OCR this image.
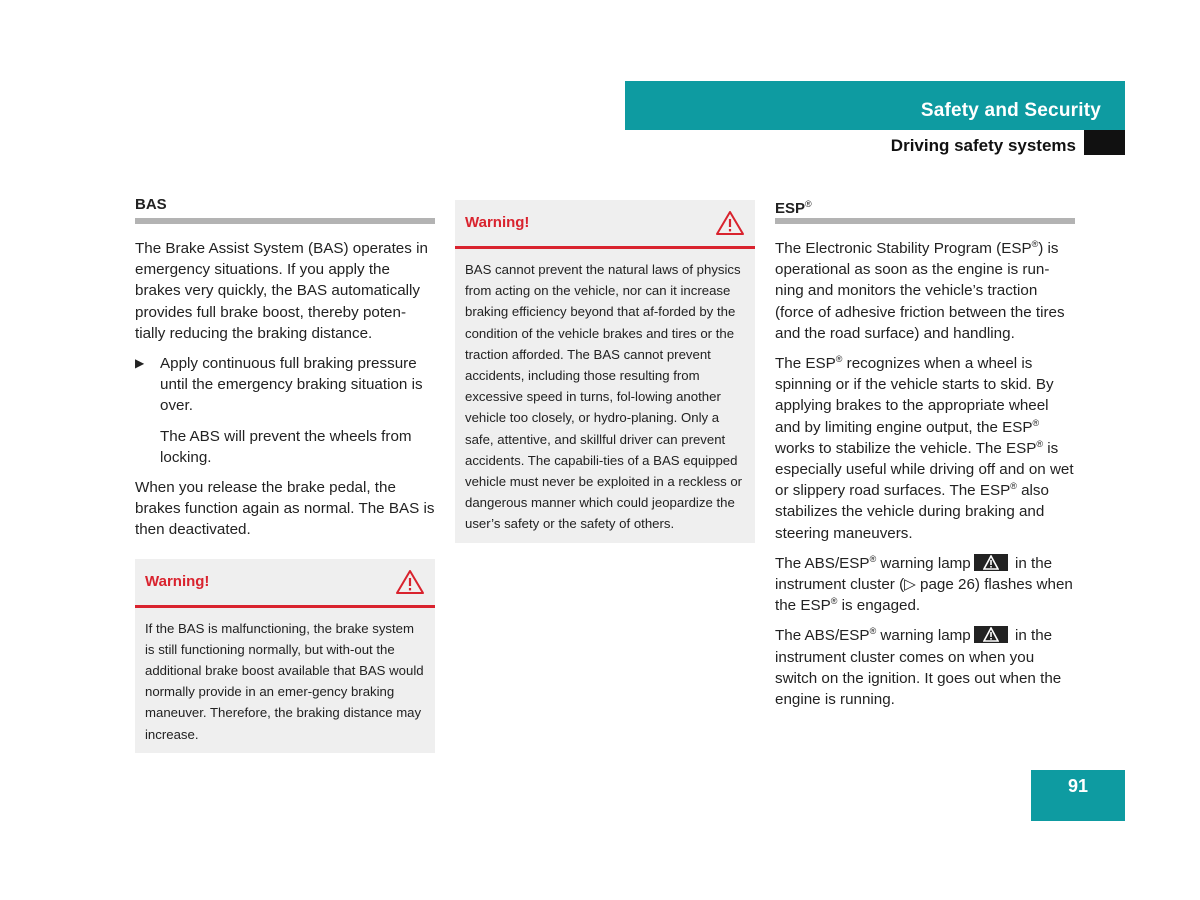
Safety and Security
Driving safety systems
BAS

The Brake Assist System (BAS) operates in emergency situations. If you apply the brakes very quickly, the BAS automatically provides full brake boost, thereby poten-tially reducing the braking distance.

▶	Apply continuous full braking pressure until the emergency braking situation is over.

The ABS will prevent the wheels from locking.

When you release the brake pedal, the brakes function again as normal. The BAS is then deactivated.

Warning!
If the BAS is malfunctioning, the brake system is still functioning normally, but with-out the additional brake boost available that BAS would normally provide in an emer-gency braking maneuver. Therefore, the braking distance may increase.
Warning!
BAS cannot prevent the natural laws of physics from acting on the vehicle, nor can it increase braking efficiency beyond that af-forded by the condition of the vehicle brakes and tires or the traction afforded. The BAS cannot prevent accidents, including those resulting from excessive speed in turns, fol-lowing another vehicle too closely, or hydro-planing. Only a safe, attentive, and skillful driver can prevent accidents. The capabili-ties of a BAS equipped vehicle must never be exploited in a reckless or dangerous manner which could jeopardize the user’s safety or the safety of others.
ESP®

The Electronic Stability Program (ESP®) is operational as soon as the engine is run-ning and monitors the vehicle’s traction (force of adhesive friction between the tires and the road surface) and handling.

The ESP® recognizes when a wheel is spinning or if the vehicle starts to skid. By applying brakes to the appropriate wheel and by limiting engine output, the ESP® works to stabilize the vehicle. The ESP® is especially useful while driving off and on wet or slippery road surfaces. The ESP® also stabilizes the vehicle during braking and steering maneuvers.

The ABS/ESP® warning lamp	in the instrument cluster (▷ page 26) flashes when the ESP® is engaged.

The ABS/ESP® warning lamp	in the instrument cluster comes on when you switch on the ignition. It goes out when the engine is running.

91
